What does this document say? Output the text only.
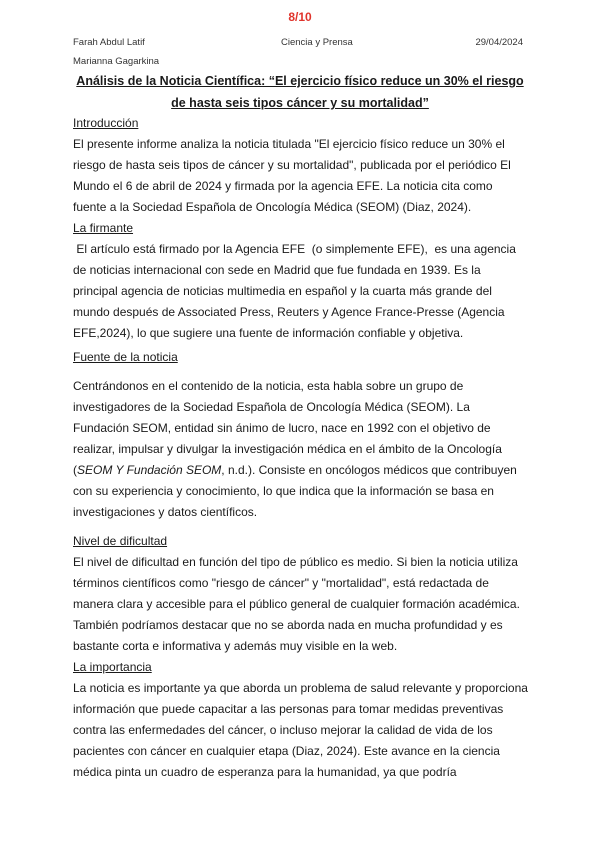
8/10
Farah Abdul Latif	Ciencia y Prensa	29/04/2024
Marianna Gagarkina
Análisis de la Noticia Científica: “El ejercicio físico reduce un 30% el riesgo de hasta seis tipos cáncer y su mortalidad”
Introducción

El presente informe analiza la noticia titulada "El ejercicio físico reduce un 30% el riesgo de hasta seis tipos de cáncer y su mortalidad", publicada por el periódico El Mundo el 6 de abril de 2024 y firmada por la agencia EFE. La noticia cita como fuente a la Sociedad Española de Oncología Médica (SEOM) (Diaz, 2024).

La firmante

El artículo está firmado por la Agencia EFE  (o simplemente EFE),  es una agencia de noticias internacional con sede en Madrid que fue fundada en 1939. Es la principal agencia de noticias multimedia en español y la cuarta más grande del mundo después de Associated Press, Reuters y Agence France-Presse (Agencia EFE,2024), lo que sugiere una fuente de información confiable y objetiva.

Fuente de la noticia

Centrándonos en el contenido de la noticia, esta habla sobre un grupo de investigadores de la Sociedad Española de Oncología Médica (SEOM). La Fundación SEOM, entidad sin ánimo de lucro, nace en 1992 con el objetivo de realizar, impulsar y divulgar la investigación médica en el ámbito de la Oncología (SEOM Y Fundación SEOM, n.d.). Consiste en oncólogos médicos que contribuyen con su experiencia y conocimiento, lo que indica que la información se basa en investigaciones y datos científicos.

Nivel de dificultad

El nivel de dificultad en función del tipo de público es medio. Si bien la noticia utiliza términos científicos como "riesgo de cáncer" y "mortalidad", está redactada de manera clara y accesible para el público general de cualquier formación académica. También podríamos destacar que no se aborda nada en mucha profundidad y es bastante corta e informativa y además muy visible en la web.

La importancia

La noticia es importante ya que aborda un problema de salud relevante y proporciona información que puede capacitar a las personas para tomar medidas preventivas contra las enfermedades del cáncer, o incluso mejorar la calidad de vida de los pacientes con cáncer en cualquier etapa (Diaz, 2024). Este avance en la ciencia médica pinta un cuadro de esperanza para la humanidad, ya que podría
